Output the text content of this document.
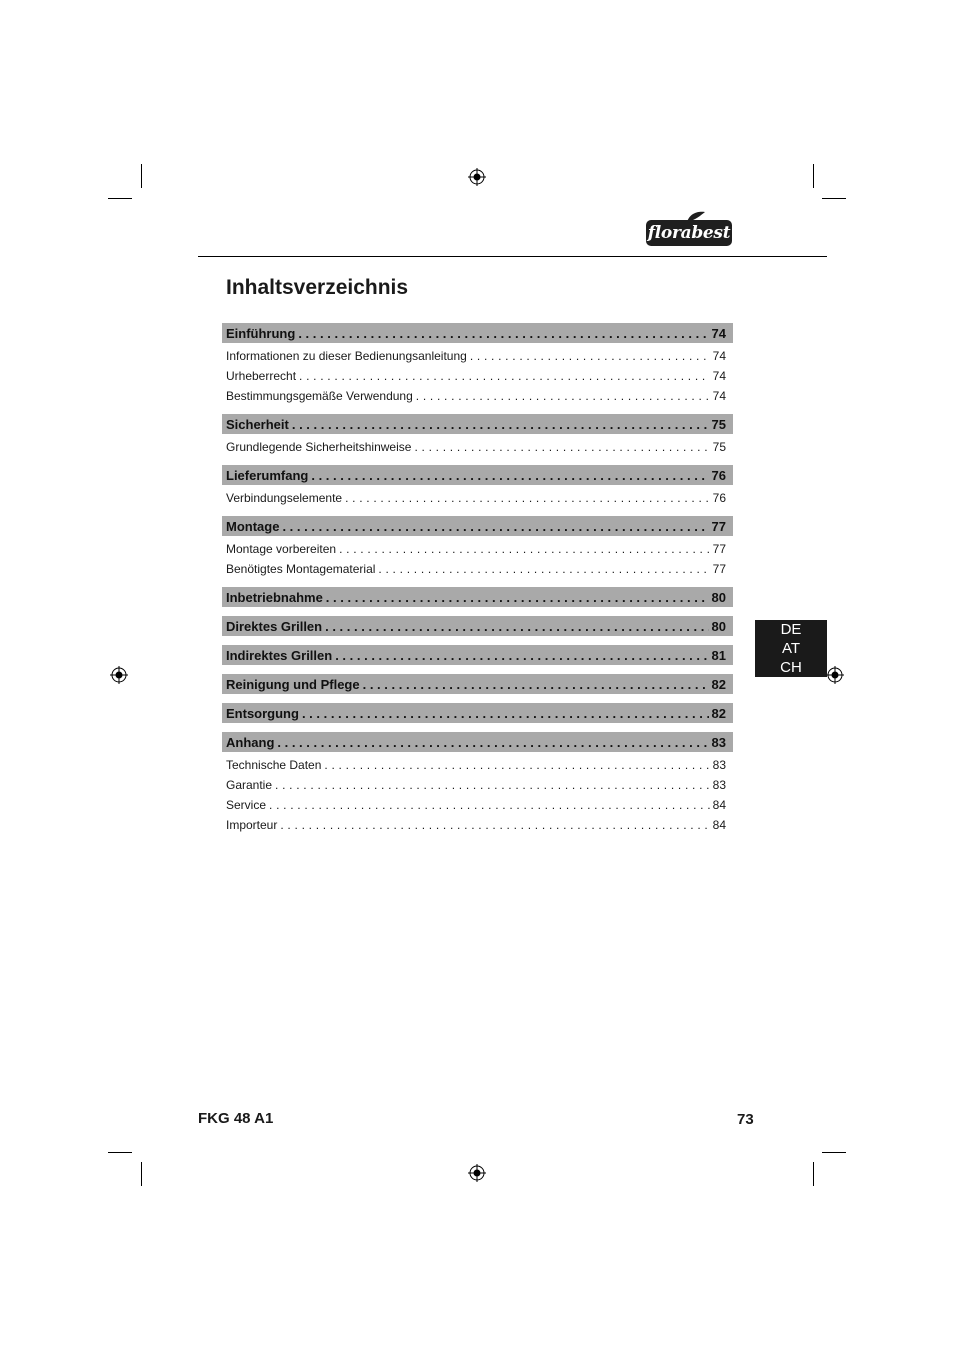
florabest
Inhaltsverzeichnis
Einführung . . .	74
Informationen zu dieser Bedienungsanleitung . . .	74
Urheberrecht . . .	74
Bestimmungsgemäße Verwendung . . .	74
Sicherheit . . .	75
Grundlegende Sicherheitshinweise . . .	75
Lieferumfang . . .	76
Verbindungselemente . . .	76
Montage . . .	77
Montage vorbereiten . . .	77
Benötigtes Montagematerial . . .	77
Inbetriebnahme . . .	80
Direktes Grillen . . .	80
Indirektes Grillen . . .	81
Reinigung und Pflege . . .	82
Entsorgung . . .	82
Anhang . . .	83
Technische Daten . . .	83
Garantie . . .	83
Service . . .	84
Importeur . . .	84
DE
AT
CH
FKG 48 A1	73
